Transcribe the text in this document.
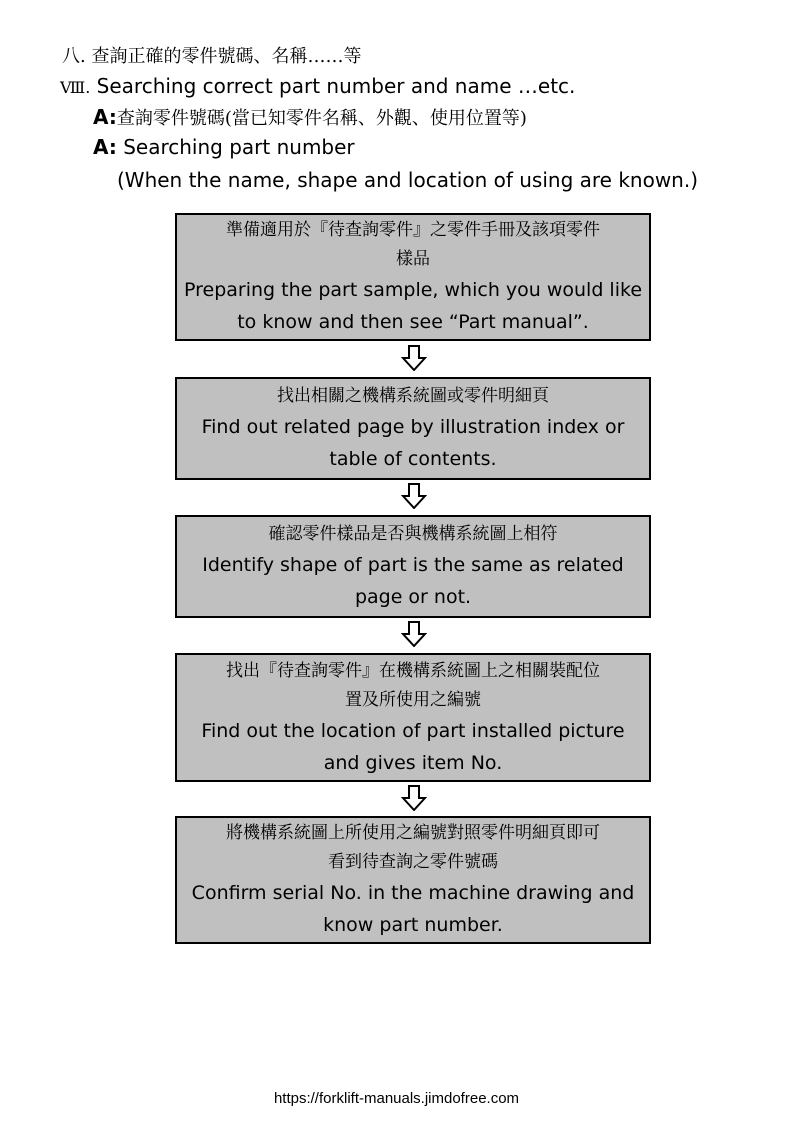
八. 查詢正確的零件號碼、名稱……等
Ⅷ. Searching correct part number and name …etc.
A:查詢零件號碼(當已知零件名稱、外觀、使用位置等)
A: Searching part number
(When the name, shape and location of using are known.)
準備適用於『待查詢零件』之零件手冊及該項零件
樣品
Preparing the part sample, which you would like
to know and then see “Part manual”.
找出相關之機構系統圖或零件明細頁
Find out related page by illustration index or
table of contents.
確認零件樣品是否與機構系統圖上相符
Identify shape of part is the same as related
page or not.
找出『待查詢零件』在機構系統圖上之相關裝配位
置及所使用之編號
Find out the location of part installed picture
and gives item No.
將機構系統圖上所使用之編號對照零件明細頁即可
看到待查詢之零件號碼
Confirm serial No. in the machine drawing and
know part number.
https://forklift-manuals.jimdofree.com
